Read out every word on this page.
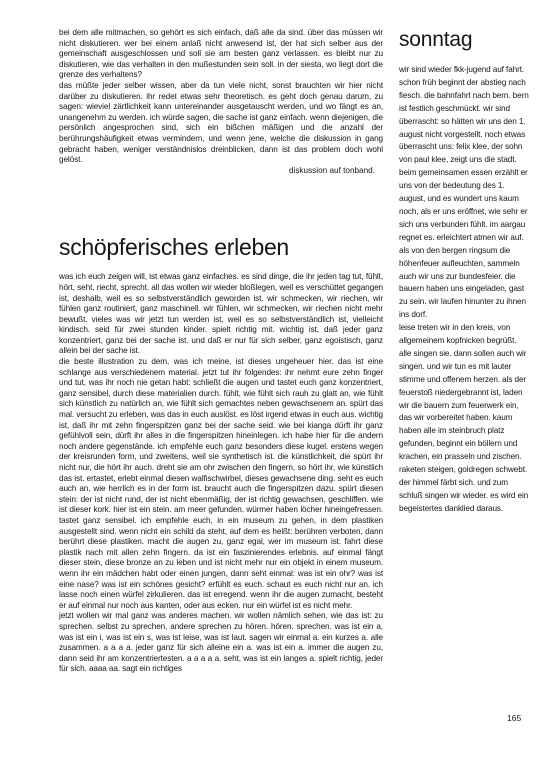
bei dem alle mitmachen, so gehört es sich einfach, daß alle da sind. über das müssen wir nicht diskutieren. wer bei einem anlaß nicht anwesend ist, der hat sich selber aus der gemeinschaft ausgeschlossen und soll sie am besten ganz verlassen. es bleibt nur zu diskutieren, wie das verhalten in den mußestunden sein soll. in der siesta, wo liegt dort die grenze des verhaltens?

das müßte jeder selber wissen, aber da tun viele nicht, sonst brauchten wir hier nicht darüber zu diskutieren. ihr redet etwas sehr theoretisch. es geht doch genau darum, zu sagen: wieviel zärtlichkeit kann untereinander ausgetauscht werden, und wo fängt es an, unangenehm zu werden. ich würde sagen, die sache ist ganz einfach. wenn diejenigen, die persönlich angesprochen sind, sich ein bißchen mäßigen und die anzahl der berührungshäufigkeit etwas vermindern, und wenn jene, welche die diskussion in gang gebracht haben, weniger verständnislos dreinblicken, dann ist das problem doch wohl gelöst.

diskussion auf tonband.

schöpferisches erleben

was ich euch zeigen will, ist etwas ganz einfaches. es sind dinge, die ihr jeden tag tut, fühlt, hört, seht, riecht, sprecht. all das wollen wir wieder bloßlegen, weil es verschüttet gegangen ist, deshalb, weil es so selbstverständlich geworden ist. wir schmecken, wir riechen, wir fühlen ganz routiniert, ganz maschinell. wir fühlen, wir schmecken, wir riechen nicht mehr bewußt. vieles was wir jetzt tun werden ist, weil es so selbstverständlich ist, vielleicht kindisch. seid für zwei stunden kinder. spielt richtig mit. wichtig ist, daß jeder ganz konzentriert, ganz bei der sache ist. und daß er nur für sich selber, ganz egoistisch, ganz allein bei der sache ist.

die beste illustration zu dem, was ich meine, ist dieses ungeheuer hier. das ist eine schlange aus verschiedenem material. jetzt tut ihr folgendes: ihr nehmt eure zehn finger und tut, was ihr noch nie getan habt: schließt die augen und tastet euch ganz konzentriert, ganz sensibel, durch diese materialien durch. fühlt, wie fühlt sich rauh zu glatt an, wie fühlt sich künstlich zu natürlich an, wie fühlt sich gemachtes neben gewachsenem an. spürt das mal. versucht zu erleben, was das in euch auslöst. es löst irgend etwas in euch aus. wichtig ist, daß ihr mit zehn fingerspitzen ganz bei der sache seid. wie bei kianga dürft ihr ganz gefühlvoll sein, dürft ihr alles in die fingerspitzen hineinlegen. ich habe hier für die andern noch andere gegenstände. ich empfehle euch ganz besonders diese kugel. erstens wegen der kreisrunden form, und zweitens, weil sie synthetisch ist. die künstlichkeit, die spürt ihr nicht nur, die hört ihr auch. dreht sie am ohr zwischen den fingern, so hört ihr, wie künstlich das ist. ertastet, erlebt einmal diesen walfischwirbel, dieses gewachsene ding. seht es euch auch an, wie herrlich es in der form ist. braucht auch die fingerspitzen dazu. spürt diesen stein: der ist nicht rund, der ist nicht ebenmäßig, der ist richtig gewachsen, geschliffen. wie ist dieser kork. hier ist ein stein. am meer gefunden. würmer haben löcher hineingefressen. tastet ganz sensibel. ich empfehle euch, in ein museum zu gehen, in dem plastiken ausgestellt sind. wenn nicht ein schild da steht, auf dem es heißt: berühren verboten, dann berührt diese plastiken. macht die augen zu, ganz egal, wer im museum ist. fahrt diese plastik nach mit allen zehn fingern. da ist ein faszinierendes erlebnis. auf einmal fängt dieser stein, diese bronze an zu leben und ist nicht mehr nur ein objekt in einem museum. wenn ihr ein mädchen habt oder einen jungen, dann seht einmal: was ist ein ohr? was ist eine nase? was ist ein schönes gesicht? erfühlt es euch. schaut es euch nicht nur an. ich lasse noch einen würfel zirkulieren. das ist erregend. wenn ihr die augen zumacht, besteht er auf einmal nur noch aus kanten, oder aus ecken. nur ein würfel ist es nicht mehr.

jetzt wollen wir mal ganz was anderes machen. wir wollen nämlich sehen, wie das ist: zu sprechen. selbst zu sprechen, andere sprechen zu hören. hören. sprechen. was ist ein a, was ist ein i, was ist ein s, was ist leise, was ist laut. sagen wir einmal a. ein kurzes a. alle zusammen. a a a a. jeder ganz für sich alleine ein a. was ist ein a. immer die augen zu, dann seid ihr am konzentriertesten. a a a a a. seht, was ist ein langes a. spielt richtig, jeder für sich. aaaa aa. sagt ein richtiges

sonntag

wir sind wieder fkk-jugend auf fahrt. schon früh beginnt der abstieg nach fiesch. die bahnfahrt nach bern. bern ist festlich geschmückt. wir sind überrascht: so hätten wir uns den 1. august nicht vorgestellt. noch etwas überrascht uns: felix klee, der sohn von paul klee, zeigt uns die stadt. beim gemeinsamen essen erzählt er uns von der bedeutung des 1. august, und es wundert uns kaum noch, als er uns eröffnet, wie sehr er sich uns verbunden fühlt. im aargau regnet es. erleichtert atmen wir auf. als von den bergen ringsum die höhenfeuer aufleuchten, sammeln auch wir uns zur bundesfeier. die bauern haben uns eingeladen, gast zu sein. wir laufen hinunter zu ihnen ins dorf.

leise treten wir in den kreis, von allgemeinem kopfnicken begrüßt. alle singen sie. dann sollen auch wir singen. und wir tun es mit lauter stimme und offenem herzen. als der feuerstoß niedergebrannt ist, laden wir die bauern zum feuerwerk ein, das wir vorbereitet haben. kaum haben alle im steinbruch platz gefunden, beginnt ein böllern und krachen, ein prasseln und zischen. raketen steigen, goldregen schwebt. der himmel färbt sich. und zum schluß singen wir wieder. es wird ein begeistertes danklied daraus.

165
